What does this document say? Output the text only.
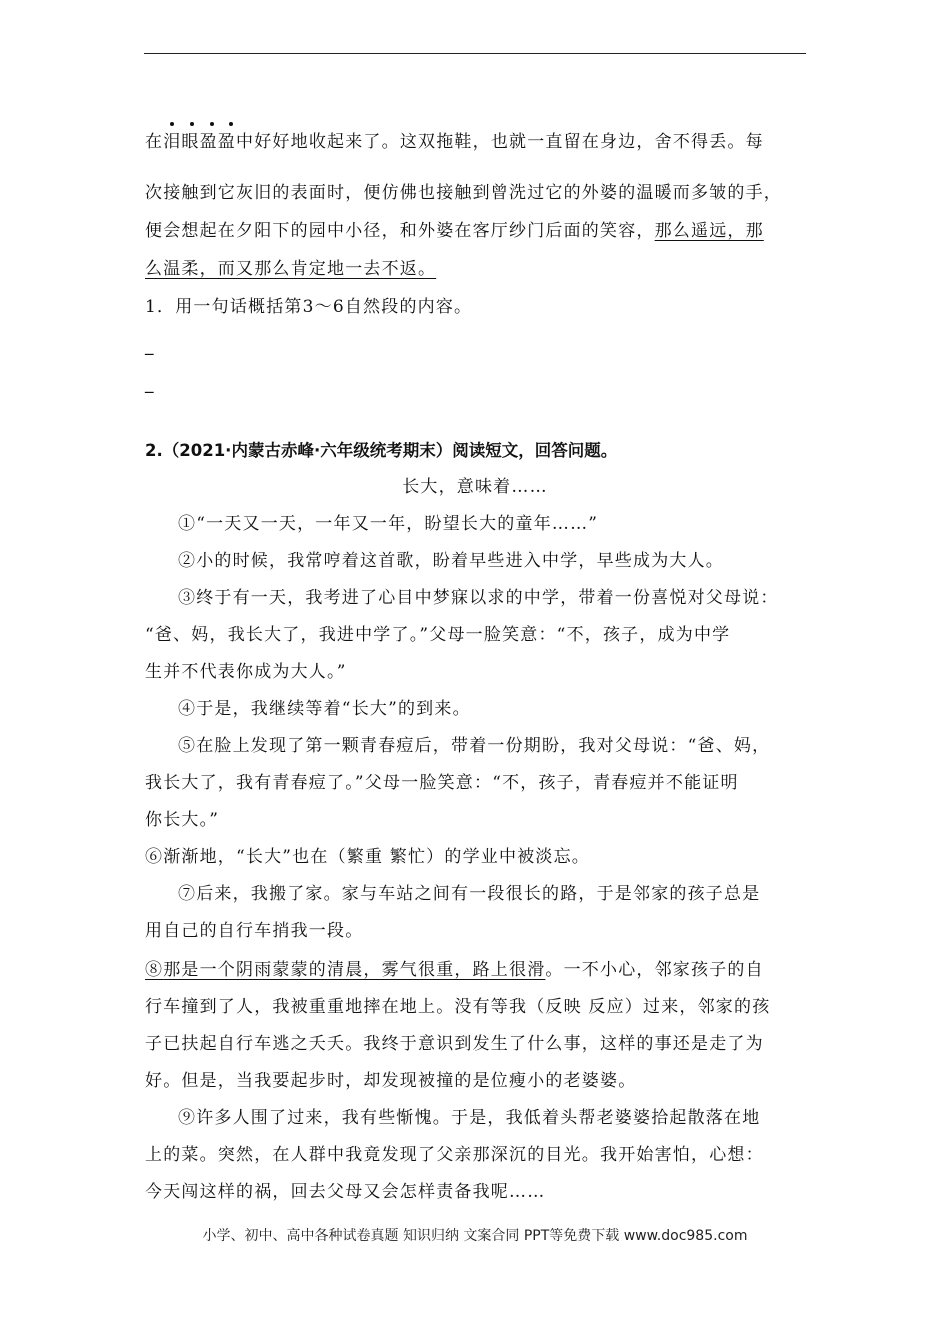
在泪眼
盈盈中好好地收起来了。这双拖鞋，也就一直留在身边，舍不得丢。每
次接触到它灰旧的表面时，便仿佛也接触到曾洗过它的外婆的温暖而多皱的手，
便会想起在夕阳下的园中小径，和外婆在客厅纱门后面的笑容，那么遥远，那
么温柔，而又那么肯定地一去不返。
1．用一句话概括第3～6自然段的内容。
_
_
2.（2021·内蒙古赤峰·六年级统考期末）阅读短文，回答问题。
长大，意味着……
①“一天又一天，一年又一年，盼望长大的童年……”
②小的时候，我常哼着这首歌，盼着早些进入中学，早些成为大人。
③终于有一天，我考进了心目中梦寐以求的中学，带着一份喜悦对父母说：
“爸、妈，我长大了，我进中学了。”父母一脸笑意：“不，孩子，成为中学
生并不代表你成为大人。”
④于是，我继续等着“长大”的到来。
⑤在脸上发现了第一颗青春痘后，带着一份期盼，我对父母说：“爸、妈，
我长大了，我有青春痘了。”父母一脸笑意：“不，孩子，青春痘并不能证明
你长大。”
⑥渐渐地，“长大”也在（繁重 繁忙）的学业中被淡忘。
⑦后来，我搬了家。家与车站之间有一段很长的路，于是邻家的孩子总是
用自己的自行车捎我一段。
⑧那是一个阴雨蒙蒙的清晨，雾气很重，路上很滑。一不小心，邻家孩子的自
行车撞到了人，我被重重地摔在地上。没有等我（反映 反应）过来，邻家的孩
子已扶起自行车逃之夭夭。我终于意识到发生了什么事，这样的事还是走了为
好。但是，当我要起步时，却发现被撞的是位瘦小的老婆婆。
⑨许多人围了过来，我有些惭愧。于是，我低着头帮老婆婆拾起散落在地
上的菜。突然，在人群中我竟发现了父亲那深沉的目光。我开始害怕，心想：
今天闯这样的祸，回去父母又会怎样责备我呢……
小学、初中、高中各种试卷真题 知识归纳 文案合同 PPT等免费下载 www.doc985.com
